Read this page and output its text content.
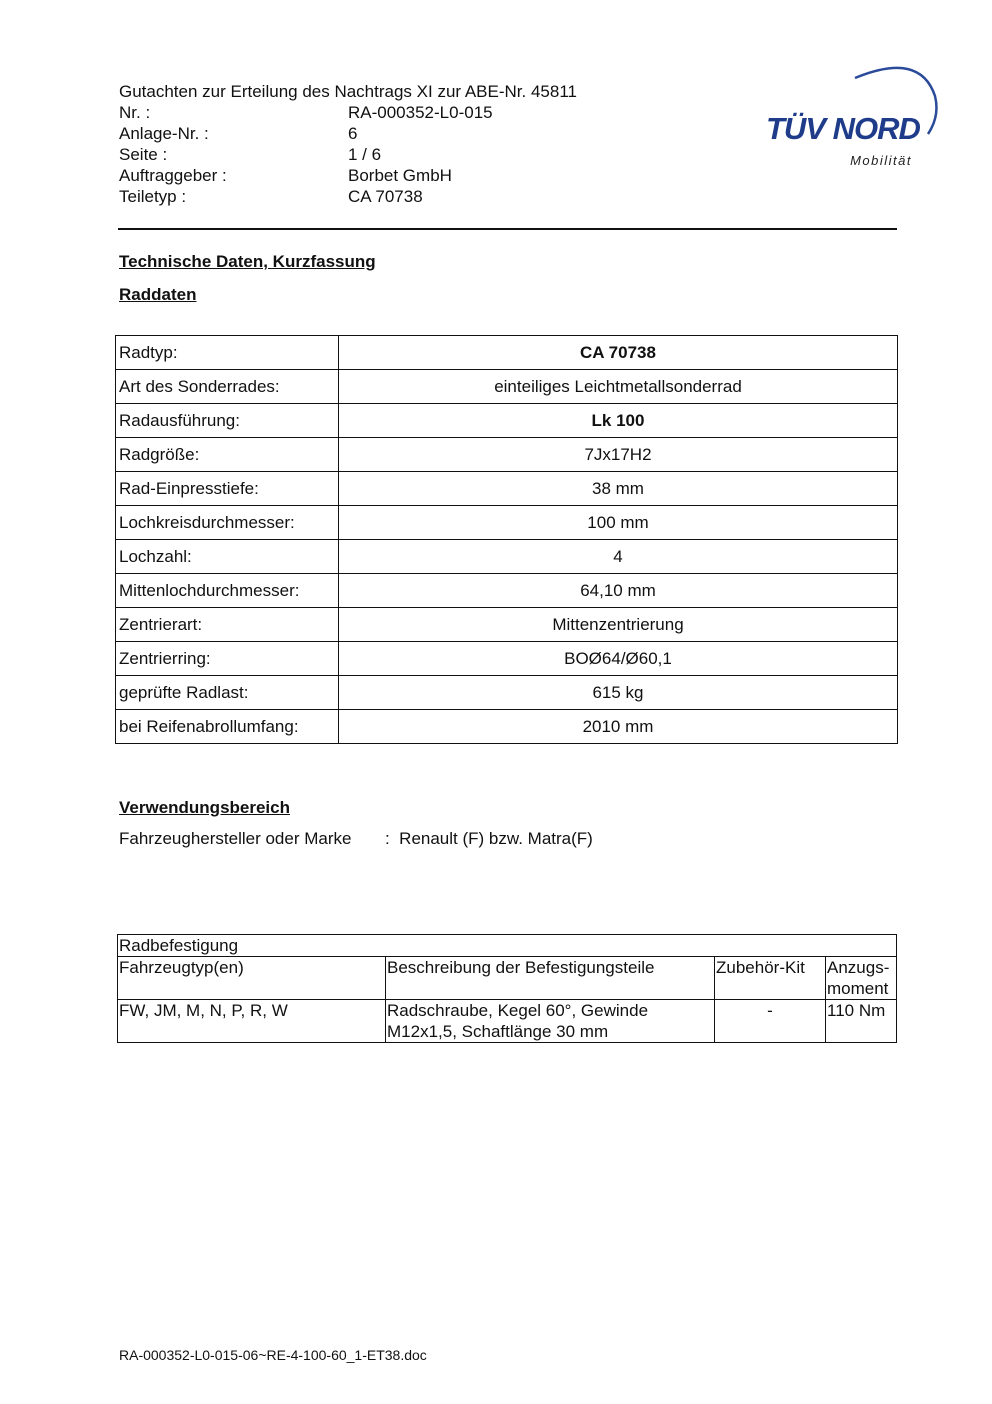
Gutachten zur Erteilung des Nachtrags XI zur ABE-Nr. 45811
Nr. :	RA-000352-L0-015
Anlage-Nr. :	6
Seite :	1 / 6
Auftraggeber :	Borbet GmbH
Teiletyp :	CA 70738
TÜV NORD
Mobilität
Technische Daten, Kurzfassung
Raddaten
Radtyp:	CA 70738
Art des Sonderrades:	einteiliges Leichtmetallsonderrad
Radausführung:	Lk 100
Radgröße:	7Jx17H2
Rad-Einpresstiefe:	38 mm
Lochkreisdurchmesser:	100 mm
Lochzahl:	4
Mittenlochdurchmesser:	64,10 mm
Zentrierart:	Mittenzentrierung
Zentrierring:	BOØ64/Ø60,1
geprüfte Radlast:	615 kg
bei Reifenabrollumfang:	2010 mm
Verwendungsbereich
Fahrzeughersteller oder Marke :  Renault (F) bzw. Matra(F)
Radbefestigung			
Fahrzeugtyp(en)	Beschreibung der Befestigungsteile	Zubehör-Kit	Anzugs-
moment
FW, JM, M, N, P, R, W	Radschraube, Kegel 60°, Gewinde
M12x1,5, Schaftlänge 30 mm	-	110 Nm
RA-000352-L0-015-06~RE-4-100-60_1-ET38.doc
